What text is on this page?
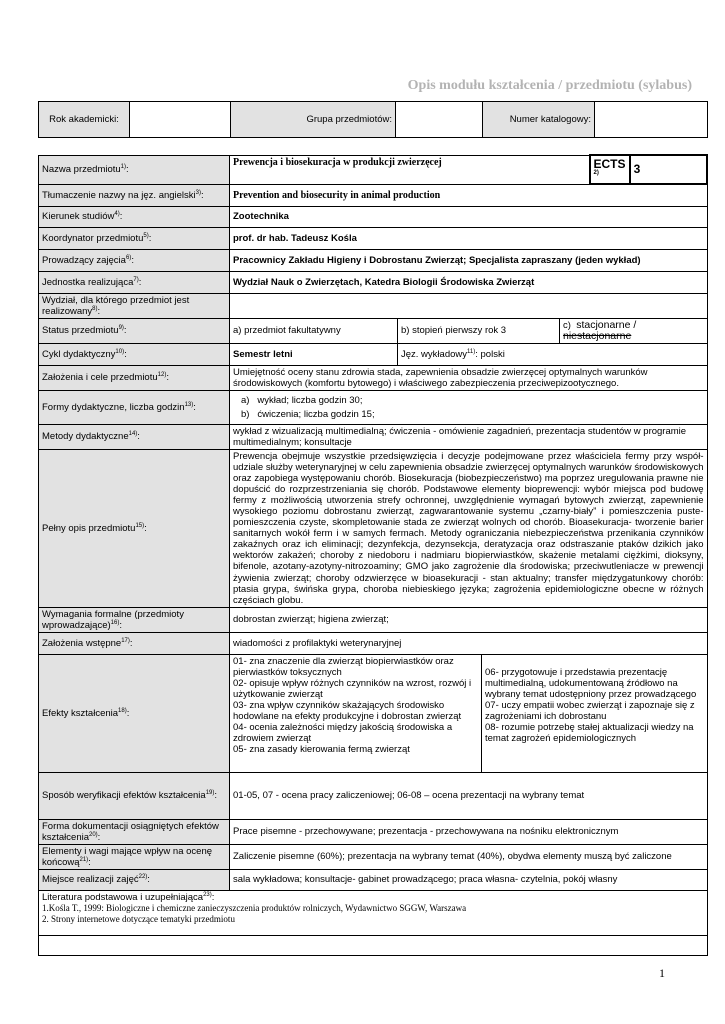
Opis modułu kształcenia / przedmiotu (sylabus)
Rok akademicki:		Grupa przedmiotów:		Numer katalogowy:	
Nazwa przedmiotu$^{1)}$:	Prewencja i biosekuracja w produkcji zwierzęcej	ECTS $^{2)}$	3
Tłumaczenie nazwy na jęz. angielski$^{3)}$:	Prevention and biosecurity in animal production
Kierunek studiów$^{4)}$:	Zootechnika
Koordynator przedmiotu$^{5)}$:	prof. dr hab. Tadeusz Kośla
Prowadzący zajęcia$^{6)}$:	Pracownicy Zakładu Higieny i Dobrostanu Zwierząt; Specjalista zapraszany (jeden wykład)
Jednostka realizująca$^{7)}$:	Wydział Nauk o Zwierzętach, Katedra Biologii Środowiska Zwierząt
Wydział, dla którego przedmiot jest realizowany$^{8)}$:	
Status przedmiotu$^{9)}$:	a) przedmiot fakultatywny	b) stopień pierwszy rok 3	c) stacjonarne /
niestacjonarne
Cykl dydaktyczny$^{10)}$:	Semestr letni	Jęz. wykładowy$^{11)}$: polski
Założenia i cele przedmiotu$^{12)}$:	Umiejętność oceny stanu zdrowia stada, zapewnienia obsadzie zwierzęcej optymalnych warunków środowiskowych (komfortu bytowego) i właściwego zabezpieczenia przeciwepizootycznego.
Formy dydaktyczne, liczba godzin$^{13)}$:	
a) wykład; liczba godzin 30;
b) ćwiczenia; liczba godzin 15;

Metody dydaktyczne$^{14)}$:	wykład z wizualizacją multimedialną; ćwiczenia - omówienie zagadnień, prezentacja studentów w programie multimedialnym; konsultacje
Pełny opis przedmiotu$^{15)}$:	Prewencja obejmuje wszystkie przedsięwzięcia i decyzje podejmowane przez właściciela fermy przy współ-udziale służby weterynaryjnej w celu zapewnienia obsadzie zwierzęcej optymalnych warunków środowiskowych oraz zapobiega występowaniu chorób. Biosekuracja (biobezpieczeństwo) ma poprzez uregulowania prawne nie dopuścić do rozprzestrzeniania się chorób. Podstawowe elementy bioprewencji: wybór miejsca pod budowę fermy z możliwością utworzenia strefy ochronnej, uwzględnienie wymagań bytowych zwierząt, zapewnienie wysokiego poziomu dobrostanu zwierząt, zagwarantowanie systemu „czarny-biały” i pomieszczenia puste- pomieszczenia czyste, skompletowanie stada ze zwierząt wolnych od chorób. Bioasekuracja- tworzenie barier sanitarnych wokół ferm i w samych fermach. Metody ograniczania niebezpieczeństwa przenikania czynników zakaźnych oraz ich eliminacji; dezynfekcja, dezynsekcja, deratyzacja oraz odstraszanie ptaków dzikich jako wektorów zakażeń; choroby z niedoboru i nadmiaru biopierwiastków, skażenie metalami ciężkimi, dioksyny, bifenole, azotany-azotyny-nitrozoaminy; GMO jako zagrożenie dla środowiska; przeciwutleniacze w prewencji żywienia zwierząt; choroby odzwierzęce w bioasekuracji - stan aktualny; transfer międzygatunkowy chorób: ptasia grypa, świńska grypa, choroba niebieskiego języka; zagrożenia epidemiologiczne obecne w różnych częściach globu.
Wymagania formalne (przedmioty wprowadzające)$^{16)}$:	dobrostan zwierząt; higiena zwierząt;
Założenia wstępne$^{17)}$:	wiadomości z profilaktyki weterynaryjnej
Efekty kształcenia$^{18)}$:	
01- zna znaczenie dla zwierząt biopierwiastków oraz pierwiastków toksycznych
02- opisuje wpływ różnych czynników na wzrost, rozwój i użytkowanie zwierząt
03- zna wpływ czynników skażających środowisko hodowlane na efekty produkcyjne i dobrostan zwierząt
04- ocenia zależności między jakością środowiska a zdrowiem zwierząt
05- zna zasady kierowania fermą zwierząt

06- przygotowuje i przedstawia prezentację multimedialną, udokumentowaną źródłowo na wybrany temat udostępniony przez prowadzącego
07- uczy empatii wobec zwierząt i zapoznaje się z zagrożeniami ich dobrostanu
08- rozumie potrzebę stałej aktualizacji wiedzy na temat zagrożeń epidemiologicznych

Sposób weryfikacji efektów kształcenia$^{19)}$:	01-05, 07 - ocena pracy zaliczeniowej; 06-08 – ocena prezentacji na wybrany temat
Forma dokumentacji osiągniętych efektów kształcenia$^{20)}$:	Prace pisemne - przechowywane; prezentacja - przechowywana na nośniku elektronicznym
Elementy i wagi mające wpływ na ocenę końcową$^{21)}$:	Zaliczenie pisemne (60%); prezentacja na wybrany temat (40%), obydwa elementy muszą być zaliczone
Miejsce realizacji zajęć$^{22)}$:	sala wykładowa; konsultacje- gabinet prowadzącego; praca własna- czytelnia, pokój własny

Literatura podstawowa i uzupełniająca$^{23)}$:
1.Kośla T., 1999: Biologiczne i chemiczne zanieczyszczenia produktów rolniczych, Wydawnictwo SGGW, Warszawa
2. Strony internetowe dotyczące tematyki przedmiotu

1
